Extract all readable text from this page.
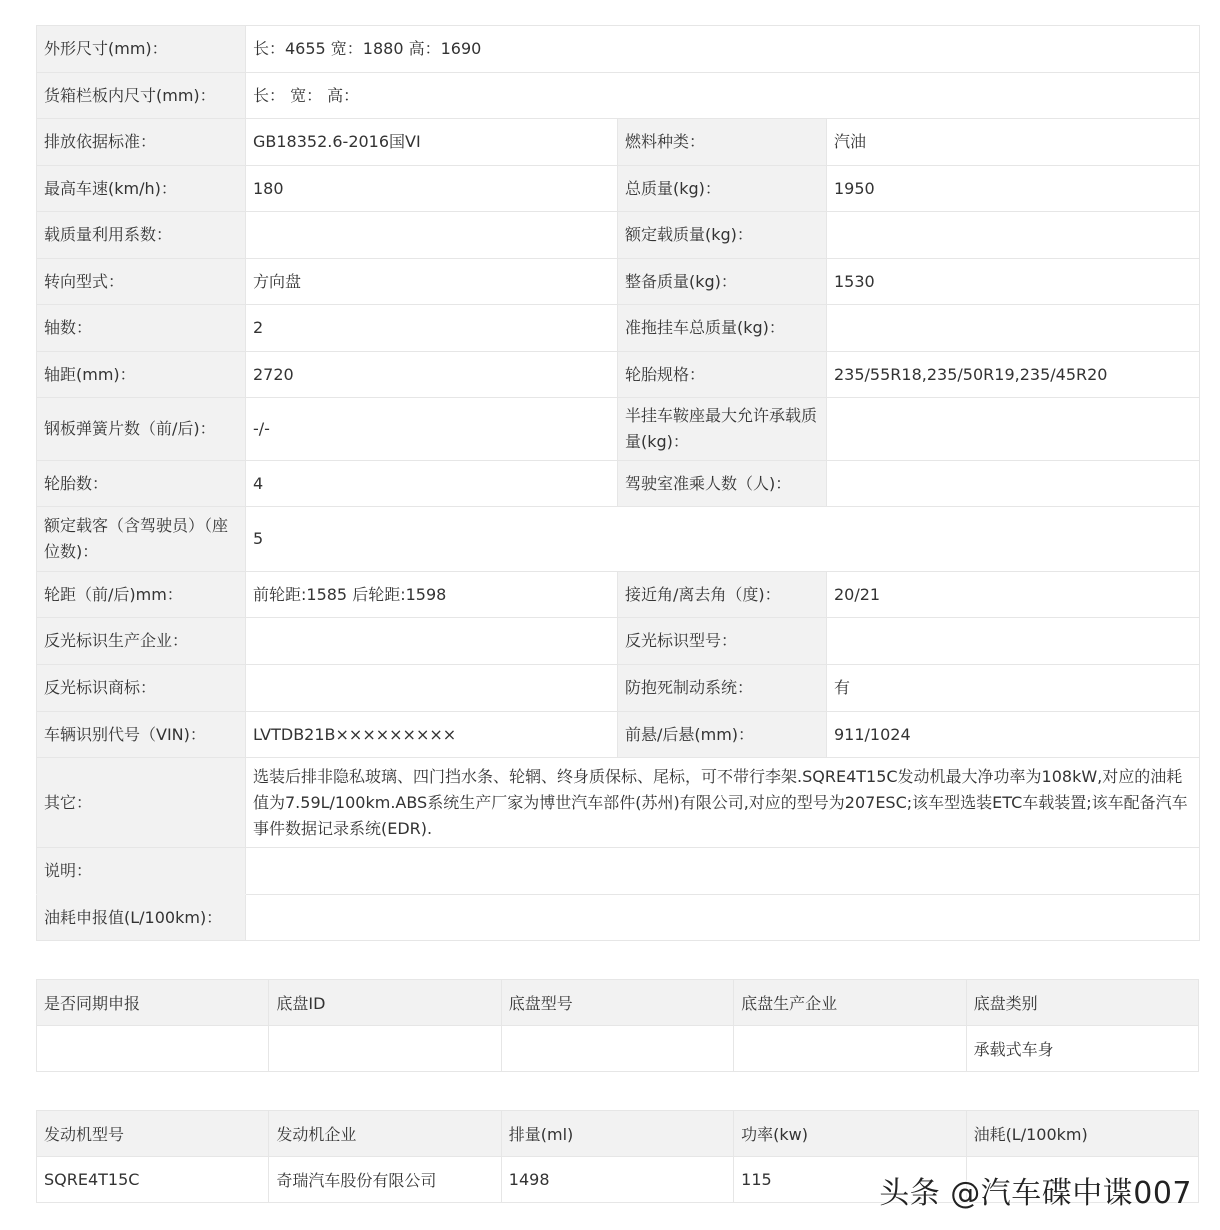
外形尺寸(mm)：	长：4655 宽：1880 高：1690		
货箱栏板内尺寸(mm)：	长： 宽： 高：		
排放依据标准：	GB18352.6-2016国VI	燃料种类：	汽油
最高车速(km/h)：	180	总质量(kg)：	1950
载质量利用系数：		额定载质量(kg)：	
转向型式：	方向盘	整备质量(kg)：	1530
轴数：	2	准拖挂车总质量(kg)：	
轴距(mm)：	2720	轮胎规格：	235/55R18,235/50R19,235/45R20
钢板弹簧片数（前/后)：	-/-	半挂车鞍座最大允许承载质量(kg)：	
轮胎数：	4	驾驶室准乘人数（人)：	
额定载客（含驾驶员）（座位数)：	5		
轮距（前/后)mm：	前轮距:1585 后轮距:1598	接近角/离去角（度)：	20/21
反光标识生产企业：		反光标识型号：	
反光标识商标：		防抱死制动系统：	有
车辆识别代号（VIN)：	LVTDB21B×××××××××	前悬/后悬(mm)：	911/1024
其它：	选装后排非隐私玻璃、四门挡水条、轮辋、终身质保标、尾标，可不带行李架.SQRE4T15C发动机最大净功率为108kW,对应的油耗值为7.59L/100km.ABS系统生产厂家为博世汽车部件(苏州)有限公司,对应的型号为207ESC;该车型选装ETC车载装置;该车配备汽车事件数据记录系统(EDR).		
说明：			
油耗申报值(L/100km)：			
是否同期申报	底盘ID	底盘型号	底盘生产企业	底盘类别
				承载式车身
发动机型号	发动机企业	排量(ml)	功率(kw)	油耗(L/100km)
SQRE4T15C	奇瑞汽车股份有限公司	1498	115		头条 @汽车碟中谍007
